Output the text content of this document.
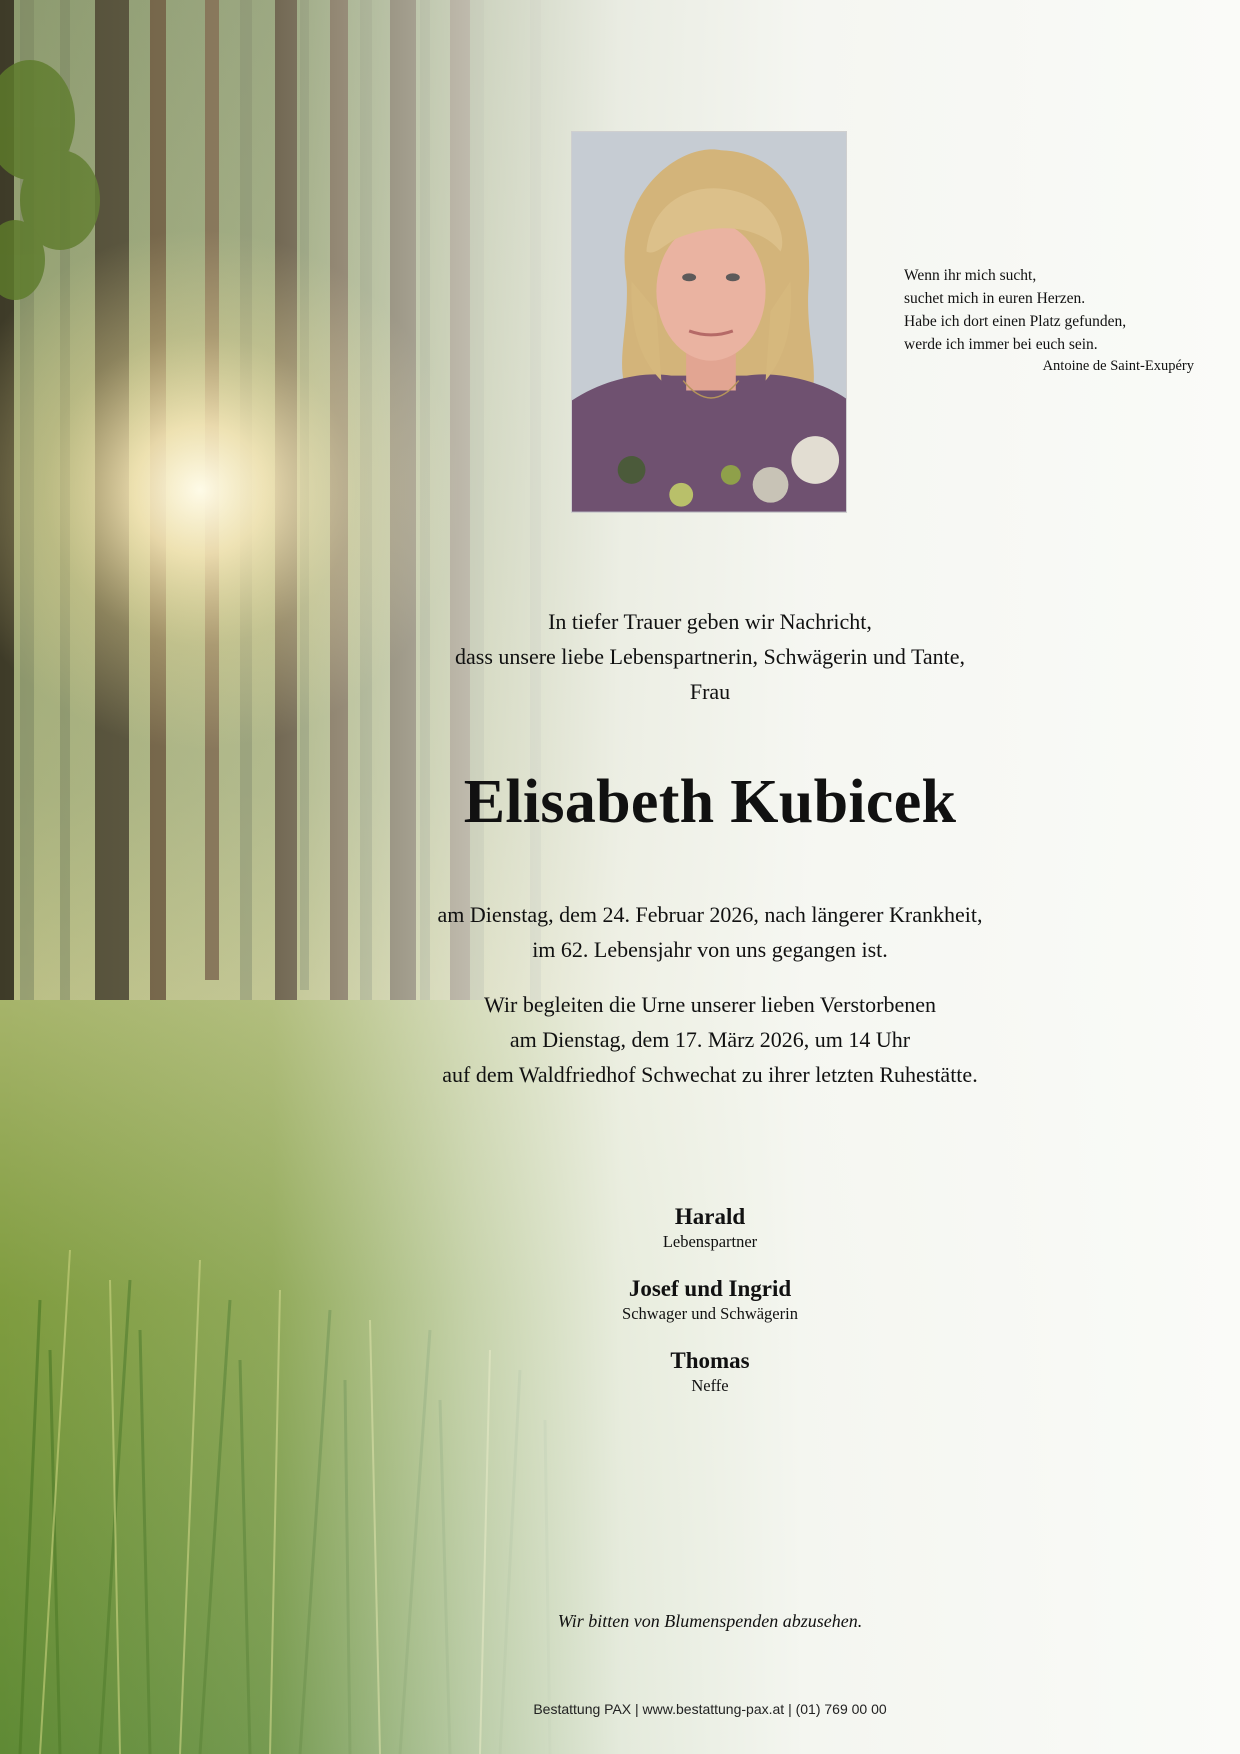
Wenn ihr mich sucht,
suchet mich in euren Herzen.
Habe ich dort einen Platz gefunden,
werde ich immer bei euch sein.
Antoine de Saint-Exupéry
In tiefer Trauer geben wir Nachricht,
dass unsere liebe Lebenspartnerin, Schwägerin und Tante,
Frau
Elisabeth Kubicek
am Dienstag, dem 24. Februar 2026, nach längerer Krankheit,
im 62. Lebensjahr von uns gegangen ist.
Wir begleiten die Urne unserer lieben Verstorbenen
am Dienstag, dem 17. März 2026, um 14 Uhr
auf dem Waldfriedhof Schwechat zu ihrer letzten Ruhestätte.
Harald
Lebenspartner
Josef und Ingrid
Schwager und Schwägerin
Thomas
Neffe
Wir bitten von Blumenspenden abzusehen.
Bestattung PAX | www.bestattung-pax.at | (01) 769 00 00
